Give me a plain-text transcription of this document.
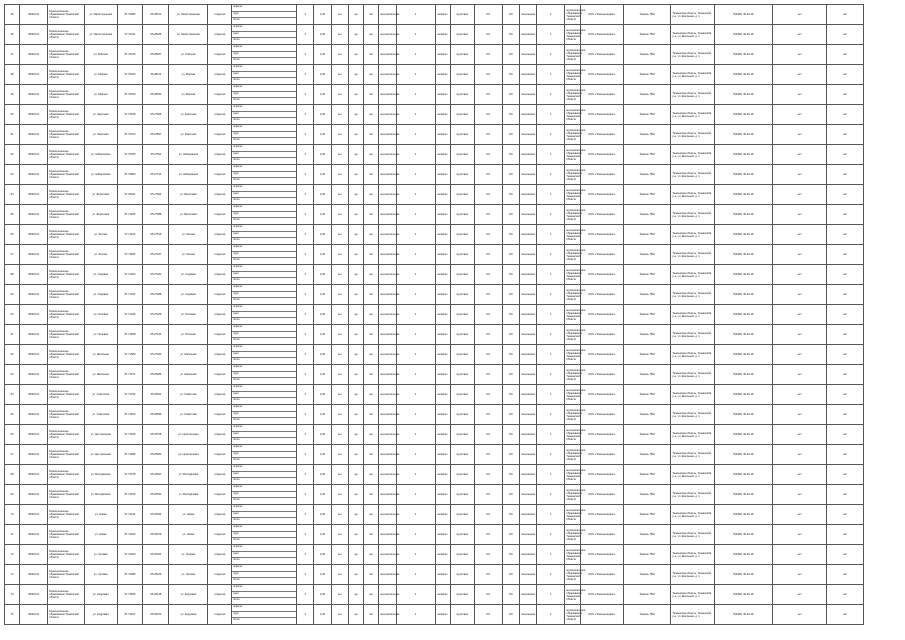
45	00000-01	Муниципальное образование Тюменской области	ул. Магистральная	57.70284	65.28412	ул. Магистральная	открытая	асфальт
грунт
бетон	1	0,40	нет	да	нет	муниципальная	1	асфальт	грунтовое	ОО	ОО	смешанное	1	муниципальное образование Тюменской области	ООО «Тюменьсервис»	Тюмень ТБО	Тюменская область, Тюменский р-н, ул. Школьная, д. 1	8(3452) 49-04-18	нет	нет
46	00000-01	Муниципальное образование Тюменской области	ул. Магистральная	57.70311	65.28325	ул. Магистральная	открытая	асфальт
грунт
бетон	1	0,40	нет	да	нет	муниципальная	1	асфальт	грунтовое	ОО	ОО	смешанное	1	муниципальное образование Тюменской области	ООО «Тюменьсервис»	Тюмень ТБО	Тюменская область, Тюменский р-н, ул. Школьная, д. 1	8(3452) 49-04-18	нет	нет
47	00000-01	Муниципальное образование Тюменской области	ул. Рабочая	57.70245	65.28267	ул. Рабочая	открытая	асфальт
грунт
бетон	1	0,40	нет	да	нет	муниципальная	1	асфальт	грунтовое	ОО	ОО	смешанное	1	муниципальное образование Тюменской области	ООО «Тюменьсервис»	Тюмень ТБО	Тюменская область, Тюменский р-н, ул. Школьная, д. 1	8(3452) 49-04-18	нет	нет
48	00000-01	Муниципальное образование Тюменской области	ул. Мирная	57.70462	65.28113	ул. Мирная	открытая	асфальт
грунт
бетон	1	0,40	нет	да	нет	муниципальная	1	асфальт	грунтовое	ОО	ОО	смешанное	1	муниципальное образование Тюменской области	ООО «Тюменьсервис»	Тюмень ТБО	Тюменская область, Тюменский р-н, ул. Школьная, д. 1	8(3452) 49-04-18	нет	нет
49	00000-01	Муниципальное образование Тюменской области	ул. Мирная	57.70533	65.28043	ул. Мирная	открытая	асфальт
грунт
бетон	1	0,40	нет	да	нет	муниципальная	1	асфальт	грунтовое	ОО	ОО	смешанное	1	муниципальное образование Тюменской области	ООО «Тюменьсервис»	Тюмень ТБО	Тюменская область, Тюменский р-н, ул. Школьная, д. 1	8(3452) 49-04-18	нет	нет
50	00000-01	Муниципальное образование Тюменской области	ул. Заречная	57.70618	65.27965	ул. Заречная	открытая	асфальт
грунт
бетон	1	0,40	нет	да	нет	муниципальная	1	асфальт	грунтовое	ОО	ОО	смешанное	1	муниципальное образование Тюменской области	ООО «Тюменьсервис»	Тюмень ТБО	Тюменская область, Тюменский р-н, ул. Школьная, д. 1	8(3452) 49-04-18	нет	нет
51	00000-01	Муниципальное образование Тюменской области	ул. Заречная	57.70704	65.27897	ул. Заречная	открытая	асфальт
грунт
бетон	1	0,40	нет	да	нет	муниципальная	1	асфальт	грунтовое	ОО	ОО	смешанное	1	муниципальное образование Тюменской области	ООО «Тюменьсервис»	Тюмень ТБО	Тюменская область, Тюменский р-н, ул. Школьная, д. 1	8(3452) 49-04-18	нет	нет
52	00000-01	Муниципальное образование Тюменской области	ул. Набережная	57.70783	65.27811	ул. Набережная	открытая	асфальт
грунт
бетон	1	0,40	нет	да	нет	муниципальная	1	асфальт	грунтовое	ОО	ОО	смешанное	1	муниципальное образование Тюменской области	ООО «Тюменьсервис»	Тюмень ТБО	Тюменская область, Тюменский р-н, ул. Школьная, д. 1	8(3452) 49-04-18	нет	нет
53	00000-01	Муниципальное образование Тюменской области	ул. Набережная	57.70862	65.27744	ул. Набережная	открытая	асфальт
грунт
бетон	1	0,40	нет	да	нет	муниципальная	1	асфальт	грунтовое	ОО	ОО	смешанное	1	муниципальное образование Тюменской области	ООО «Тюменьсервис»	Тюмень ТБО	Тюменская область, Тюменский р-н, ул. Школьная, д. 1	8(3452) 49-04-18	нет	нет
54	00000-01	Муниципальное образование Тюменской области	ул. Береговая	57.70941	65.27664	ул. Береговая	открытая	асфальт
грунт
бетон	1	0,40	нет	да	нет	муниципальная	1	асфальт	грунтовое	ОО	ОО	смешанное	1	муниципальное образование Тюменской области	ООО «Тюменьсервис»	Тюмень ТБО	Тюменская область, Тюменский р-н, ул. Школьная, д. 1	8(3452) 49-04-18	нет	нет
55	00000-01	Муниципальное образование Тюменской области	ул. Береговая	57.71025	65.27588	ул. Береговая	открытая	асфальт
грунт
бетон	1	0,40	нет	да	нет	муниципальная	1	асфальт	грунтовое	ОО	ОО	смешанное	1	муниципальное образование Тюменской области	ООО «Тюменьсервис»	Тюмень ТБО	Тюменская область, Тюменский р-н, ул. Школьная, д. 1	8(3452) 49-04-18	нет	нет
56	00000-01	Муниципальное образование Тюменской области	ул. Лесная	57.71102	65.27516	ул. Лесная	открытая	асфальт
грунт
бетон	1	0,40	нет	да	нет	муниципальная	1	асфальт	грунтовое	ОО	ОО	смешанное	1	муниципальное образование Тюменской области	ООО «Тюменьсервис»	Тюмень ТБО	Тюменская область, Тюменский р-н, ул. Школьная, д. 1	8(3452) 49-04-18	нет	нет
57	00000-01	Муниципальное образование Тюменской области	ул. Лесная	57.71183	65.27437	ул. Лесная	открытая	асфальт
грунт
бетон	1	0,40	нет	да	нет	муниципальная	1	асфальт	грунтовое	ОО	ОО	смешанное	1	муниципальное образование Тюменской области	ООО «Тюменьсервис»	Тюмень ТБО	Тюменская область, Тюменский р-н, ул. Школьная, д. 1	8(3452) 49-04-18	нет	нет
58	00000-01	Муниципальное образование Тюменской области	ул. Садовая	57.71264	65.27362	ул. Садовая	открытая	асфальт
грунт
бетон	1	0,40	нет	да	нет	муниципальная	1	асфальт	грунтовое	ОО	ОО	смешанное	1	муниципальное образование Тюменской области	ООО «Тюменьсервис»	Тюмень ТБО	Тюменская область, Тюменский р-н, ул. Школьная, д. 1	8(3452) 49-04-18	нет	нет
59	00000-01	Муниципальное образование Тюменской области	ул. Садовая	57.71347	65.27288	ул. Садовая	открытая	асфальт
грунт
бетон	1	0,40	нет	да	нет	муниципальная	1	асфальт	грунтовое	ОО	ОО	смешанное	1	муниципальное образование Тюменской области	ООО «Тюменьсервис»	Тюмень ТБО	Тюменская область, Тюменский р-н, ул. Школьная, д. 1	8(3452) 49-04-18	нет	нет
60	00000-01	Муниципальное образование Тюменской области	ул. Полевая	57.71426	65.27209	ул. Полевая	открытая	асфальт
грунт
бетон	1	0,40	нет	да	нет	муниципальная	1	асфальт	грунтовое	ОО	ОО	смешанное	1	муниципальное образование Тюменской области	ООО «Тюменьсервис»	Тюмень ТБО	Тюменская область, Тюменский р-н, ул. Школьная, д. 1	8(3452) 49-04-18	нет	нет
61	00000-01	Муниципальное образование Тюменской области	ул. Полевая	57.71508	65.27134	ул. Полевая	открытая	асфальт
грунт
бетон	1	0,40	нет	да	нет	муниципальная	1	асфальт	грунтовое	ОО	ОО	смешанное	1	муниципальное образование Тюменской области	ООО «Тюменьсервис»	Тюмень ТБО	Тюменская область, Тюменский р-н, ул. Школьная, д. 1	8(3452) 49-04-18	нет	нет
62	00000-01	Муниципальное образование Тюменской области	ул. Школьная	57.71589	65.27063	ул. Школьная	открытая	асфальт
грунт
бетон	1	0,40	нет	да	нет	муниципальная	1	асфальт	грунтовое	ОО	ОО	смешанное	1	муниципальное образование Тюменской области	ООО «Тюменьсервис»	Тюмень ТБО	Тюменская область, Тюменский р-н, ул. Школьная, д. 1	8(3452) 49-04-18	нет	нет
63	00000-01	Муниципальное образование Тюменской области	ул. Школьная	57.71671	65.26985	ул. Школьная	открытая	асфальт
грунт
бетон	1	0,40	нет	да	нет	муниципальная	1	асфальт	грунтовое	ОО	ОО	смешанное	1	муниципальное образование Тюменской области	ООО «Тюменьсервис»	Тюмень ТБО	Тюменская область, Тюменский р-н, ул. Школьная, д. 1	8(3452) 49-04-18	нет	нет
64	00000-01	Муниципальное образование Тюменской области	ул. Советская	57.71752	65.26911	ул. Советская	открытая	асфальт
грунт
бетон	1	0,40	нет	да	нет	муниципальная	1	асфальт	грунтовое	ОО	ОО	смешанное	1	муниципальное образование Тюменской области	ООО «Тюменьсервис»	Тюмень ТБО	Тюменская область, Тюменский р-н, ул. Школьная, д. 1	8(3452) 49-04-18	нет	нет
65	00000-01	Муниципальное образование Тюменской области	ул. Советская	57.71834	65.26836	ул. Советская	открытая	асфальт
грунт
бетон	1	0,40	нет	да	нет	муниципальная	1	асфальт	грунтовое	ОО	ОО	смешанное	1	муниципальное образование Тюменской области	ООО «Тюменьсервис»	Тюмень ТБО	Тюменская область, Тюменский р-н, ул. Школьная, д. 1	8(3452) 49-04-18	нет	нет
66	00000-01	Муниципальное образование Тюменской области	ул. Центральная	57.71915	65.26758	ул. Центральная	открытая	асфальт
грунт
бетон	1	0,40	нет	да	нет	муниципальная	1	асфальт	грунтовое	ОО	ОО	смешанное	1	муниципальное образование Тюменской области	ООО «Тюменьсервис»	Тюмень ТБО	Тюменская область, Тюменский р-н, ул. Школьная, д. 1	8(3452) 49-04-18	нет	нет
67	00000-01	Муниципальное образование Тюменской области	ул. Центральная	57.71996	65.26683	ул. Центральная	открытая	асфальт
грунт
бетон	1	0,40	нет	да	нет	муниципальная	1	асфальт	грунтовое	ОО	ОО	смешанное	1	муниципальное образование Тюменской области	ООО «Тюменьсервис»	Тюмень ТБО	Тюменская область, Тюменский р-н, ул. Школьная, д. 1	8(3452) 49-04-18	нет	нет
68	00000-01	Муниципальное образование Тюменской области	ул. Молодёжная	57.72078	65.26607	ул. Молодёжная	открытая	асфальт
грунт
бетон	1	0,40	нет	да	нет	муниципальная	1	асфальт	грунтовое	ОО	ОО	смешанное	1	муниципальное образование Тюменской области	ООО «Тюменьсервис»	Тюмень ТБО	Тюменская область, Тюменский р-н, ул. Школьная, д. 1	8(3452) 49-04-18	нет	нет
69	00000-01	Муниципальное образование Тюменской области	ул. Молодёжная	57.72159	65.26532	ул. Молодёжная	открытая	асфальт
грунт
бетон	1	0,40	нет	да	нет	муниципальная	1	асфальт	грунтовое	ОО	ОО	смешанное	1	муниципальное образование Тюменской области	ООО «Тюменьсервис»	Тюмень ТБО	Тюменская область, Тюменский р-н, ул. Школьная, д. 1	8(3452) 49-04-18	нет	нет
70	00000-01	Муниципальное образование Тюменской области	ул. Новая	57.72241	65.26454	ул. Новая	открытая	асфальт
грунт
бетон	1	0,40	нет	да	нет	муниципальная	1	асфальт	грунтовое	ОО	ОО	смешанное	1	муниципальное образование Тюменской области	ООО «Тюменьсервис»	Тюмень ТБО	Тюменская область, Тюменский р-н, ул. Школьная, д. 1	8(3452) 49-04-18	нет	нет
71	00000-01	Муниципальное образование Тюменской области	ул. Новая	57.72322	65.26379	ул. Новая	открытая	асфальт
грунт
бетон	1	0,40	нет	да	нет	муниципальная	1	асфальт	грунтовое	ОО	ОО	смешанное	1	муниципальное образование Тюменской области	ООО «Тюменьсервис»	Тюмень ТБО	Тюменская область, Тюменский р-н, ул. Школьная, д. 1	8(3452) 49-04-18	нет	нет
72	00000-01	Муниципальное образование Тюменской области	ул. Луговая	57.72403	65.26301	ул. Луговая	открытая	асфальт
грунт
бетон	1	0,40	нет	да	нет	муниципальная	1	асфальт	грунтовое	ОО	ОО	смешанное	1	муниципальное образование Тюменской области	ООО «Тюменьсервис»	Тюмень ТБО	Тюменская область, Тюменский р-н, ул. Школьная, д. 1	8(3452) 49-04-18	нет	нет
73	00000-01	Муниципальное образование Тюменской области	ул. Луговая	57.72485	65.26226	ул. Луговая	открытая	асфальт
грунт
бетон	1	0,40	нет	да	нет	муниципальная	1	асфальт	грунтовое	ОО	ОО	смешанное	1	муниципальное образование Тюменской области	ООО «Тюменьсервис»	Тюмень ТБО	Тюменская область, Тюменский р-н, ул. Школьная, д. 1	8(3452) 49-04-18	нет	нет
74	00000-01	Муниципальное образование Тюменской области	ул. Кедровая	57.72566	65.26148	ул. Кедровая	открытая	асфальт
грунт
бетон	1	0,40	нет	да	нет	муниципальная	1	асфальт	грунтовое	ОО	ОО	смешанное	1	муниципальное образование Тюменской области	ООО «Тюменьсервис»	Тюмень ТБО	Тюменская область, Тюменский р-н, ул. Школьная, д. 1	8(3452) 49-04-18	нет	нет
75	00000-01	Муниципальное образование Тюменской области	ул. Кедровая	57.72647	65.26073	ул. Кедровая	открытая	асфальт
грунт
бетон	1	0,40	нет	да	нет	муниципальная	1	асфальт	грунтовое	ОО	ОО	смешанное	1	муниципальное образование Тюменской области	ООО «Тюменьсервис»	Тюмень ТБО	Тюменская область, Тюменский р-н, ул. Школьная, д. 1	8(3452) 49-04-18	нет	нет
